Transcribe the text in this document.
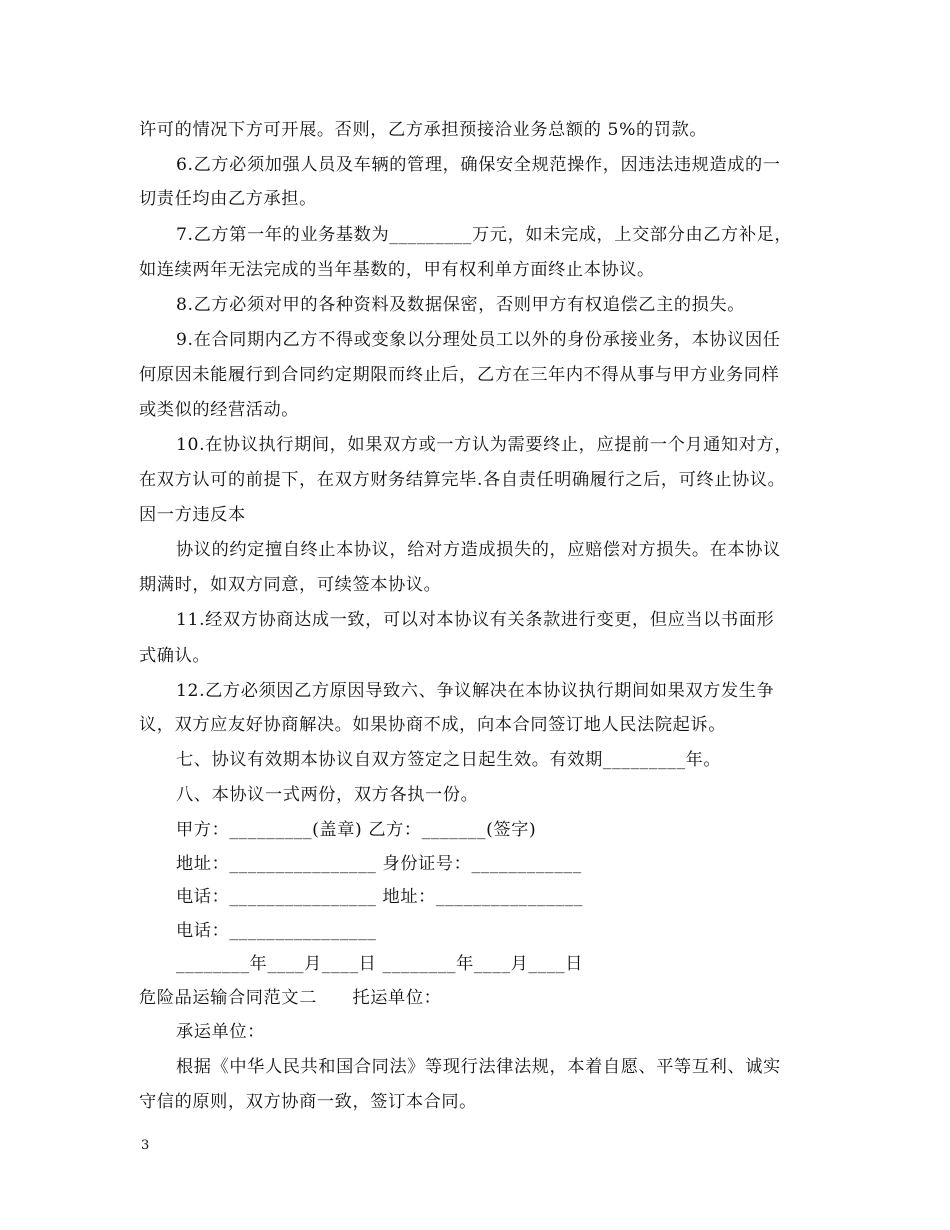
许可的情况下方可开展。否则，乙方承担预接洽业务总额的 5%的罚款。
6.乙方必须加强人员及车辆的管理，确保安全规范操作，因违法违规造成的一
切责任均由乙方承担。
7.乙方第一年的业务基数为_________万元，如未完成，上交部分由乙方补足，
如连续两年无法完成的当年基数的，甲有权利单方面终止本协议。
8.乙方必须对甲的各种资料及数据保密，否则甲方有权追偿乙主的损失。
9.在合同期内乙方不得或变象以分理处员工以外的身份承接业务，本协议因任
何原因未能履行到合同约定期限而终止后，乙方在三年内不得从事与甲方业务同样
或类似的经营活动。
10.在协议执行期间，如果双方或一方认为需要终止，应提前一个月通知对方，
在双方认可的前提下，在双方财务结算完毕.各自责任明确履行之后，可终止协议。
因一方违反本
协议的约定擅自终止本协议，给对方造成损失的，应赔偿对方损失。在本协议
期满时，如双方同意，可续签本协议。
11.经双方协商达成一致，可以对本协议有关条款进行变更，但应当以书面形
式确认。
12.乙方必须因乙方原因导致六、争议解决在本协议执行期间如果双方发生争
议，双方应友好协商解决。如果协商不成，向本合同签订地人民法院起诉。
七、协议有效期本协议自双方签定之日起生效。有效期_________年。
八、本协议一式两份，双方各执一份。
甲方：_________(盖章) 乙方：_______(签字)
地址：________________ 身份证号：____________
电话：________________ 地址：________________
电话：________________
________年____月____日 ________年____月____日
危险品运输合同范文二　　托运单位：
承运单位：
根据《中华人民共和国合同法》等现行法律法规，本着自愿、平等互利、诚实
守信的原则，双方协商一致，签订本合同。
3
